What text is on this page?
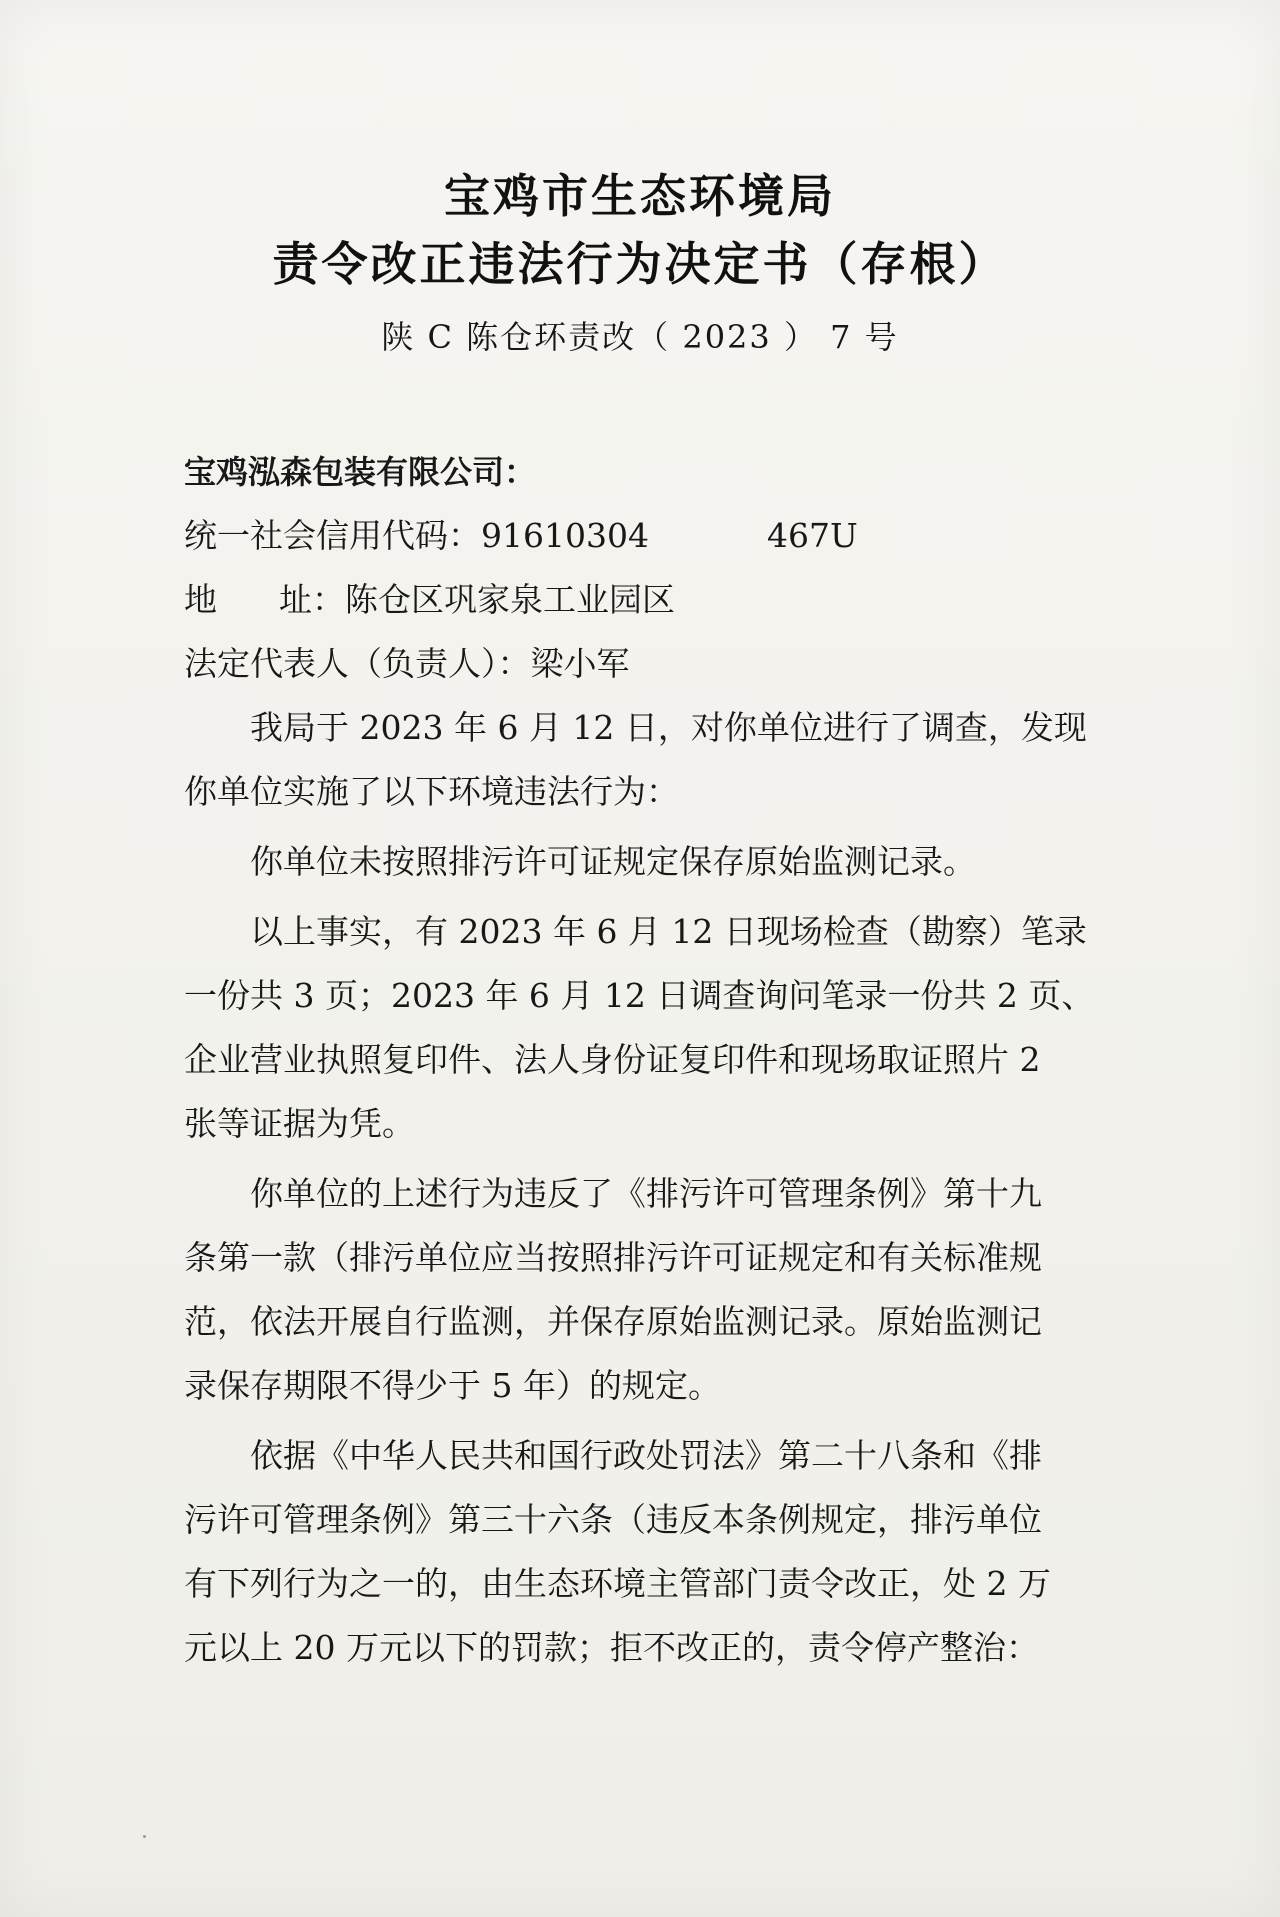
宝鸡市生态环境局
责令改正违法行为决定书（存根）
陕 C 陈仓环责改（ 2023 ） 7 号
宝鸡泓森包装有限公司：
统一社会信用代码：91610304	467U
地 址：陈仓区巩家泉工业园区
法定代表人（负责人）：梁小军
我局于 2023 年 6 月 12 日，对你单位进行了调查，发现
你单位实施了以下环境违法行为：
你单位未按照排污许可证规定保存原始监测记录。
以上事实，有 2023 年 6 月 12 日现场检查（勘察）笔录
一份共 3 页；2023 年 6 月 12 日调查询问笔录一份共 2 页、
企业营业执照复印件、法人身份证复印件和现场取证照片 2
张等证据为凭。
你单位的上述行为违反了《排污许可管理条例》第十九
条第一款（排污单位应当按照排污许可证规定和有关标准规
范，依法开展自行监测，并保存原始监测记录。原始监测记
录保存期限不得少于 5 年）的规定。
依据《中华人民共和国行政处罚法》第二十八条和《排
污许可管理条例》第三十六条（违反本条例规定，排污单位
有下列行为之一的，由生态环境主管部门责令改正，处 2 万
元以上 20 万元以下的罚款；拒不改正的，责令停产整治：
